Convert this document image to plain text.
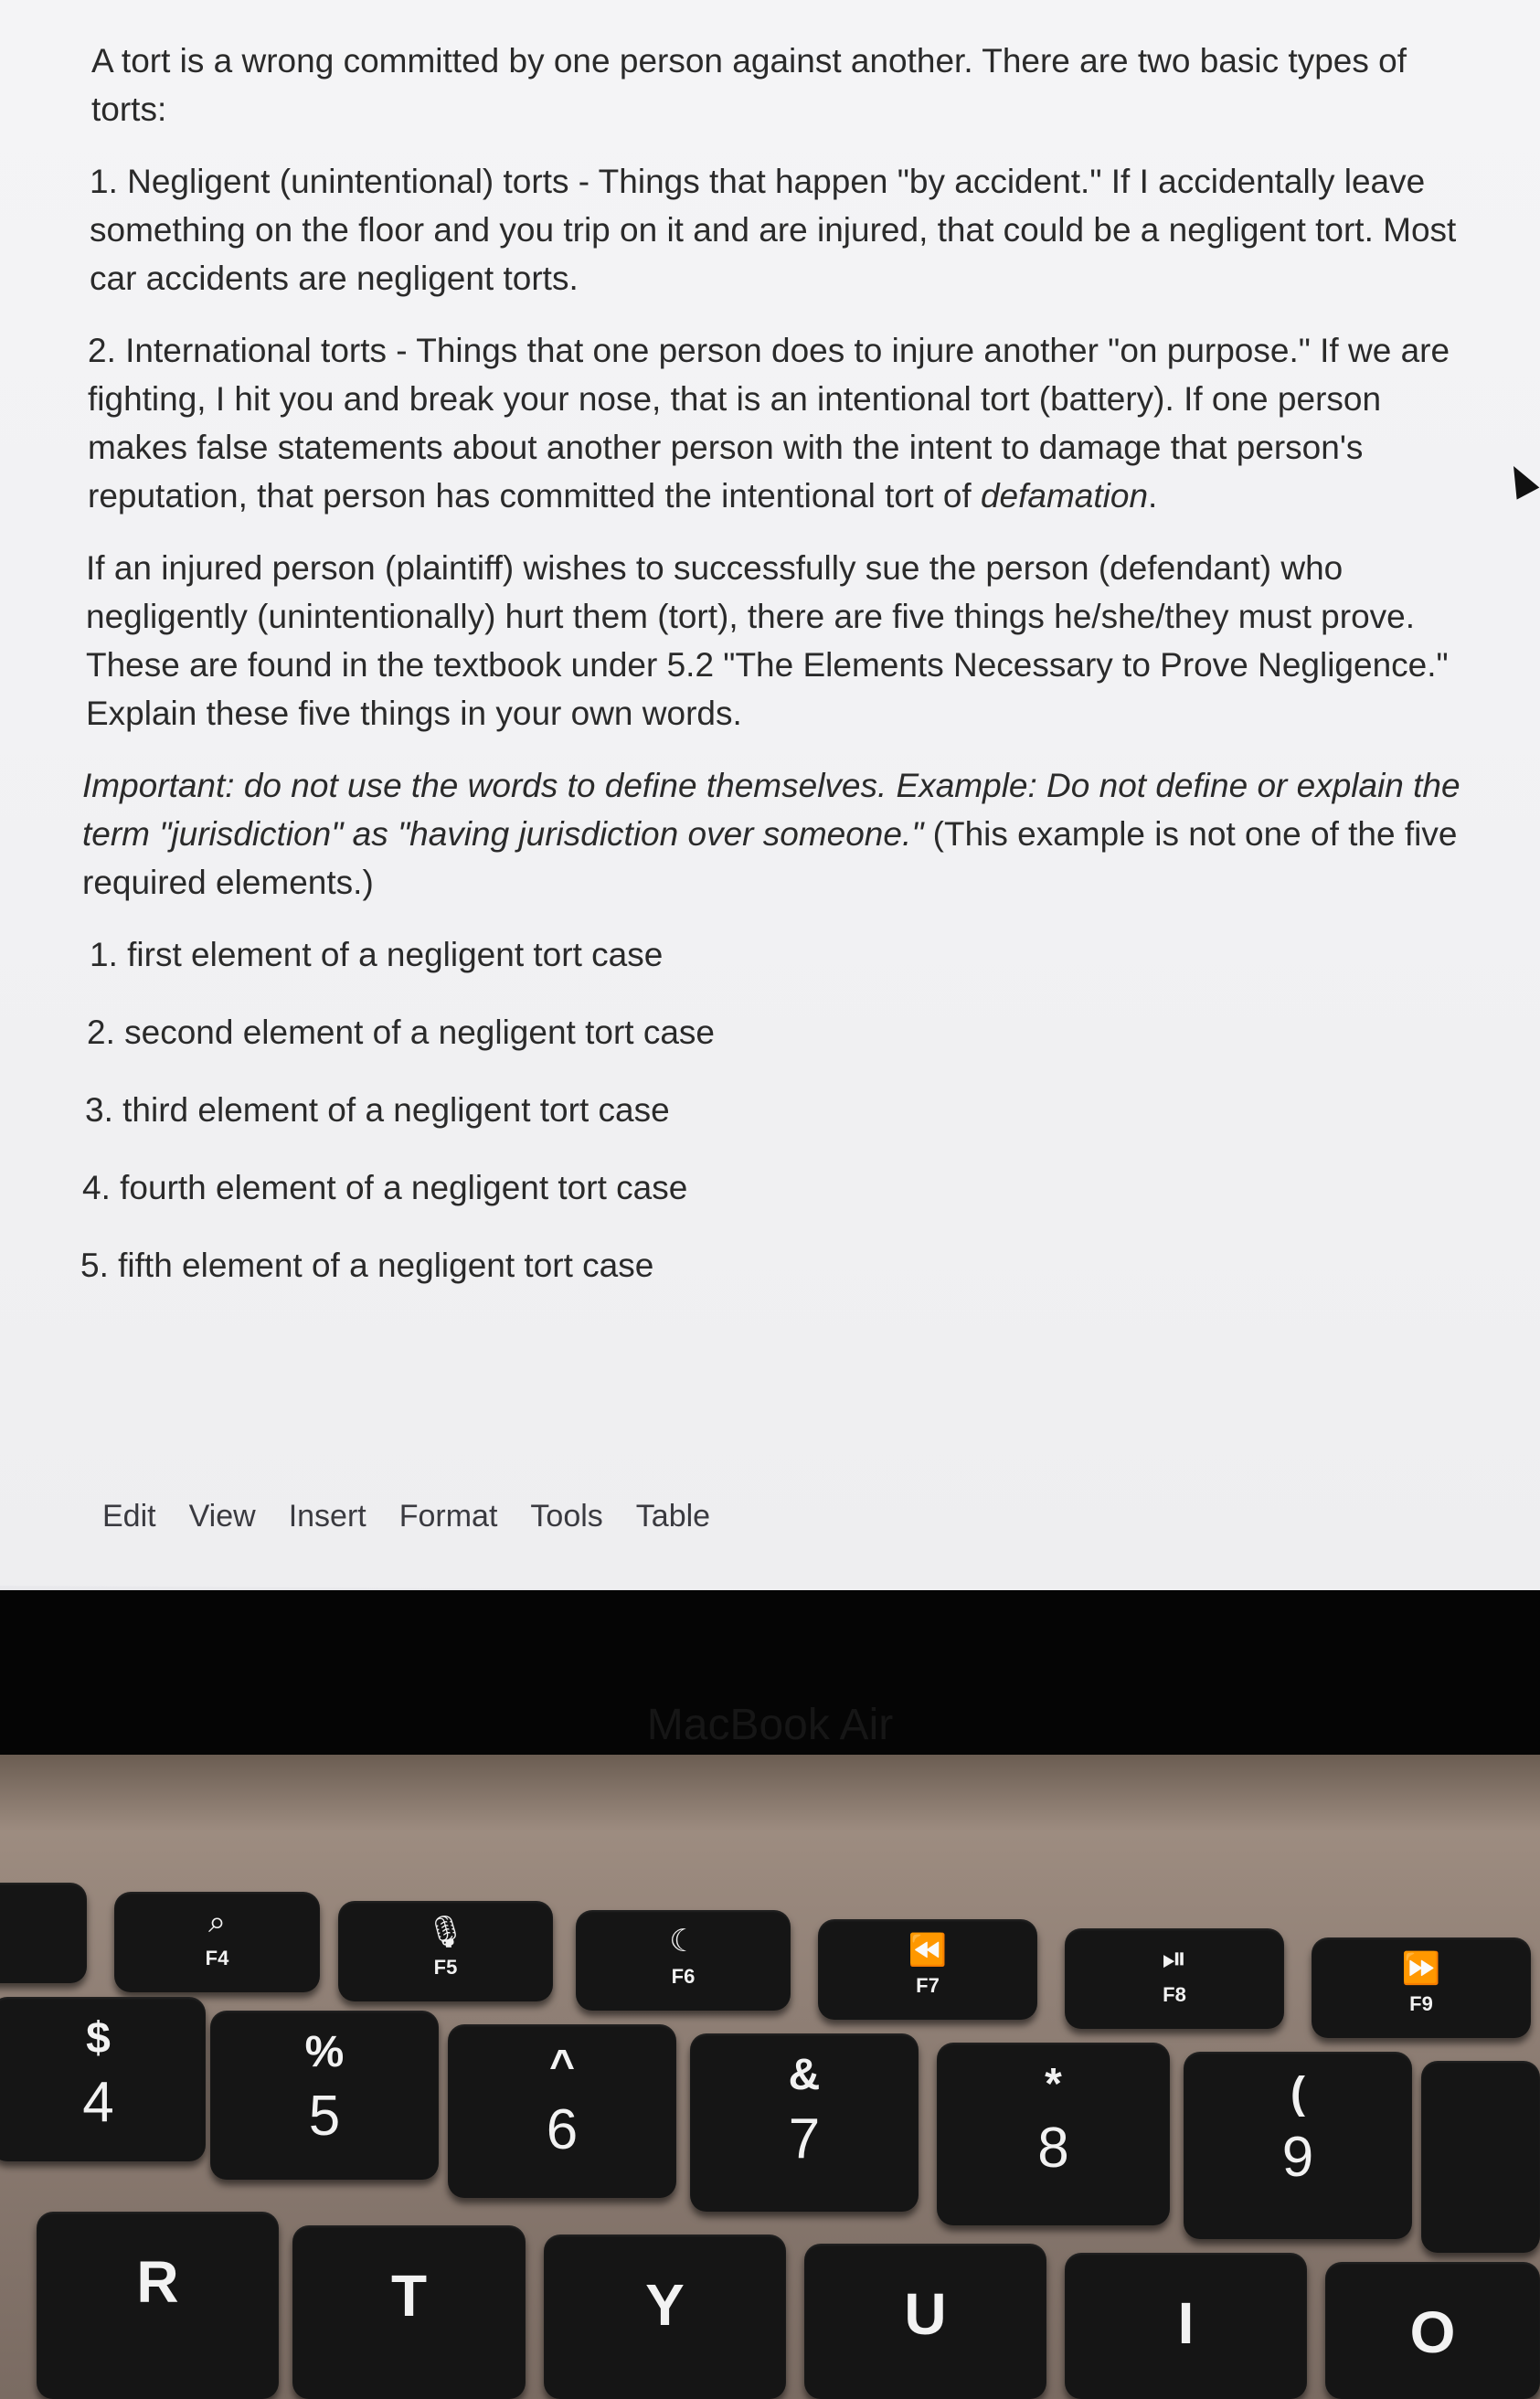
A tort is a wrong committed by one person against another. There are two basic types of torts:

1. Negligent (unintentional) torts - Things that happen "by accident." If I accidentally leave something on the floor and you trip on it and are injured, that could be a negligent tort. Most car accidents are negligent torts.

2. International torts - Things that one person does to injure another "on purpose." If we are fighting, I hit you and break your nose, that is an intentional tort (battery). If one person makes false statements about another person with the intent to damage that person's reputation, that person has committed the intentional tort of defamation.

If an injured person (plaintiff) wishes to successfully sue the person (defendant) who negligently (unintentionally) hurt them (tort), there are five things he/she/they must prove. These are found in the textbook under 5.2 "The Elements Necessary to Prove Negligence." Explain these five things in your own words.

Important: do not use the words to define themselves. Example: Do not define or explain the term "jurisdiction" as "having jurisdiction over someone." (This example is not one of the five required elements.)

1. first element of a negligent tort case
2. second element of a negligent tort case
3. third element of a negligent tort case
4. fourth element of a negligent tort case
5. fifth element of a negligent tort case
Edit View Insert Format Tools Table
MacBook Air
⌕
F4
🎙
F5
☾
F6
⏪
F7
⏯
F8
⏩
F9
$
4
%
5
^
6
&
7
*
8
(
9
R	T	Y	U	I	O
